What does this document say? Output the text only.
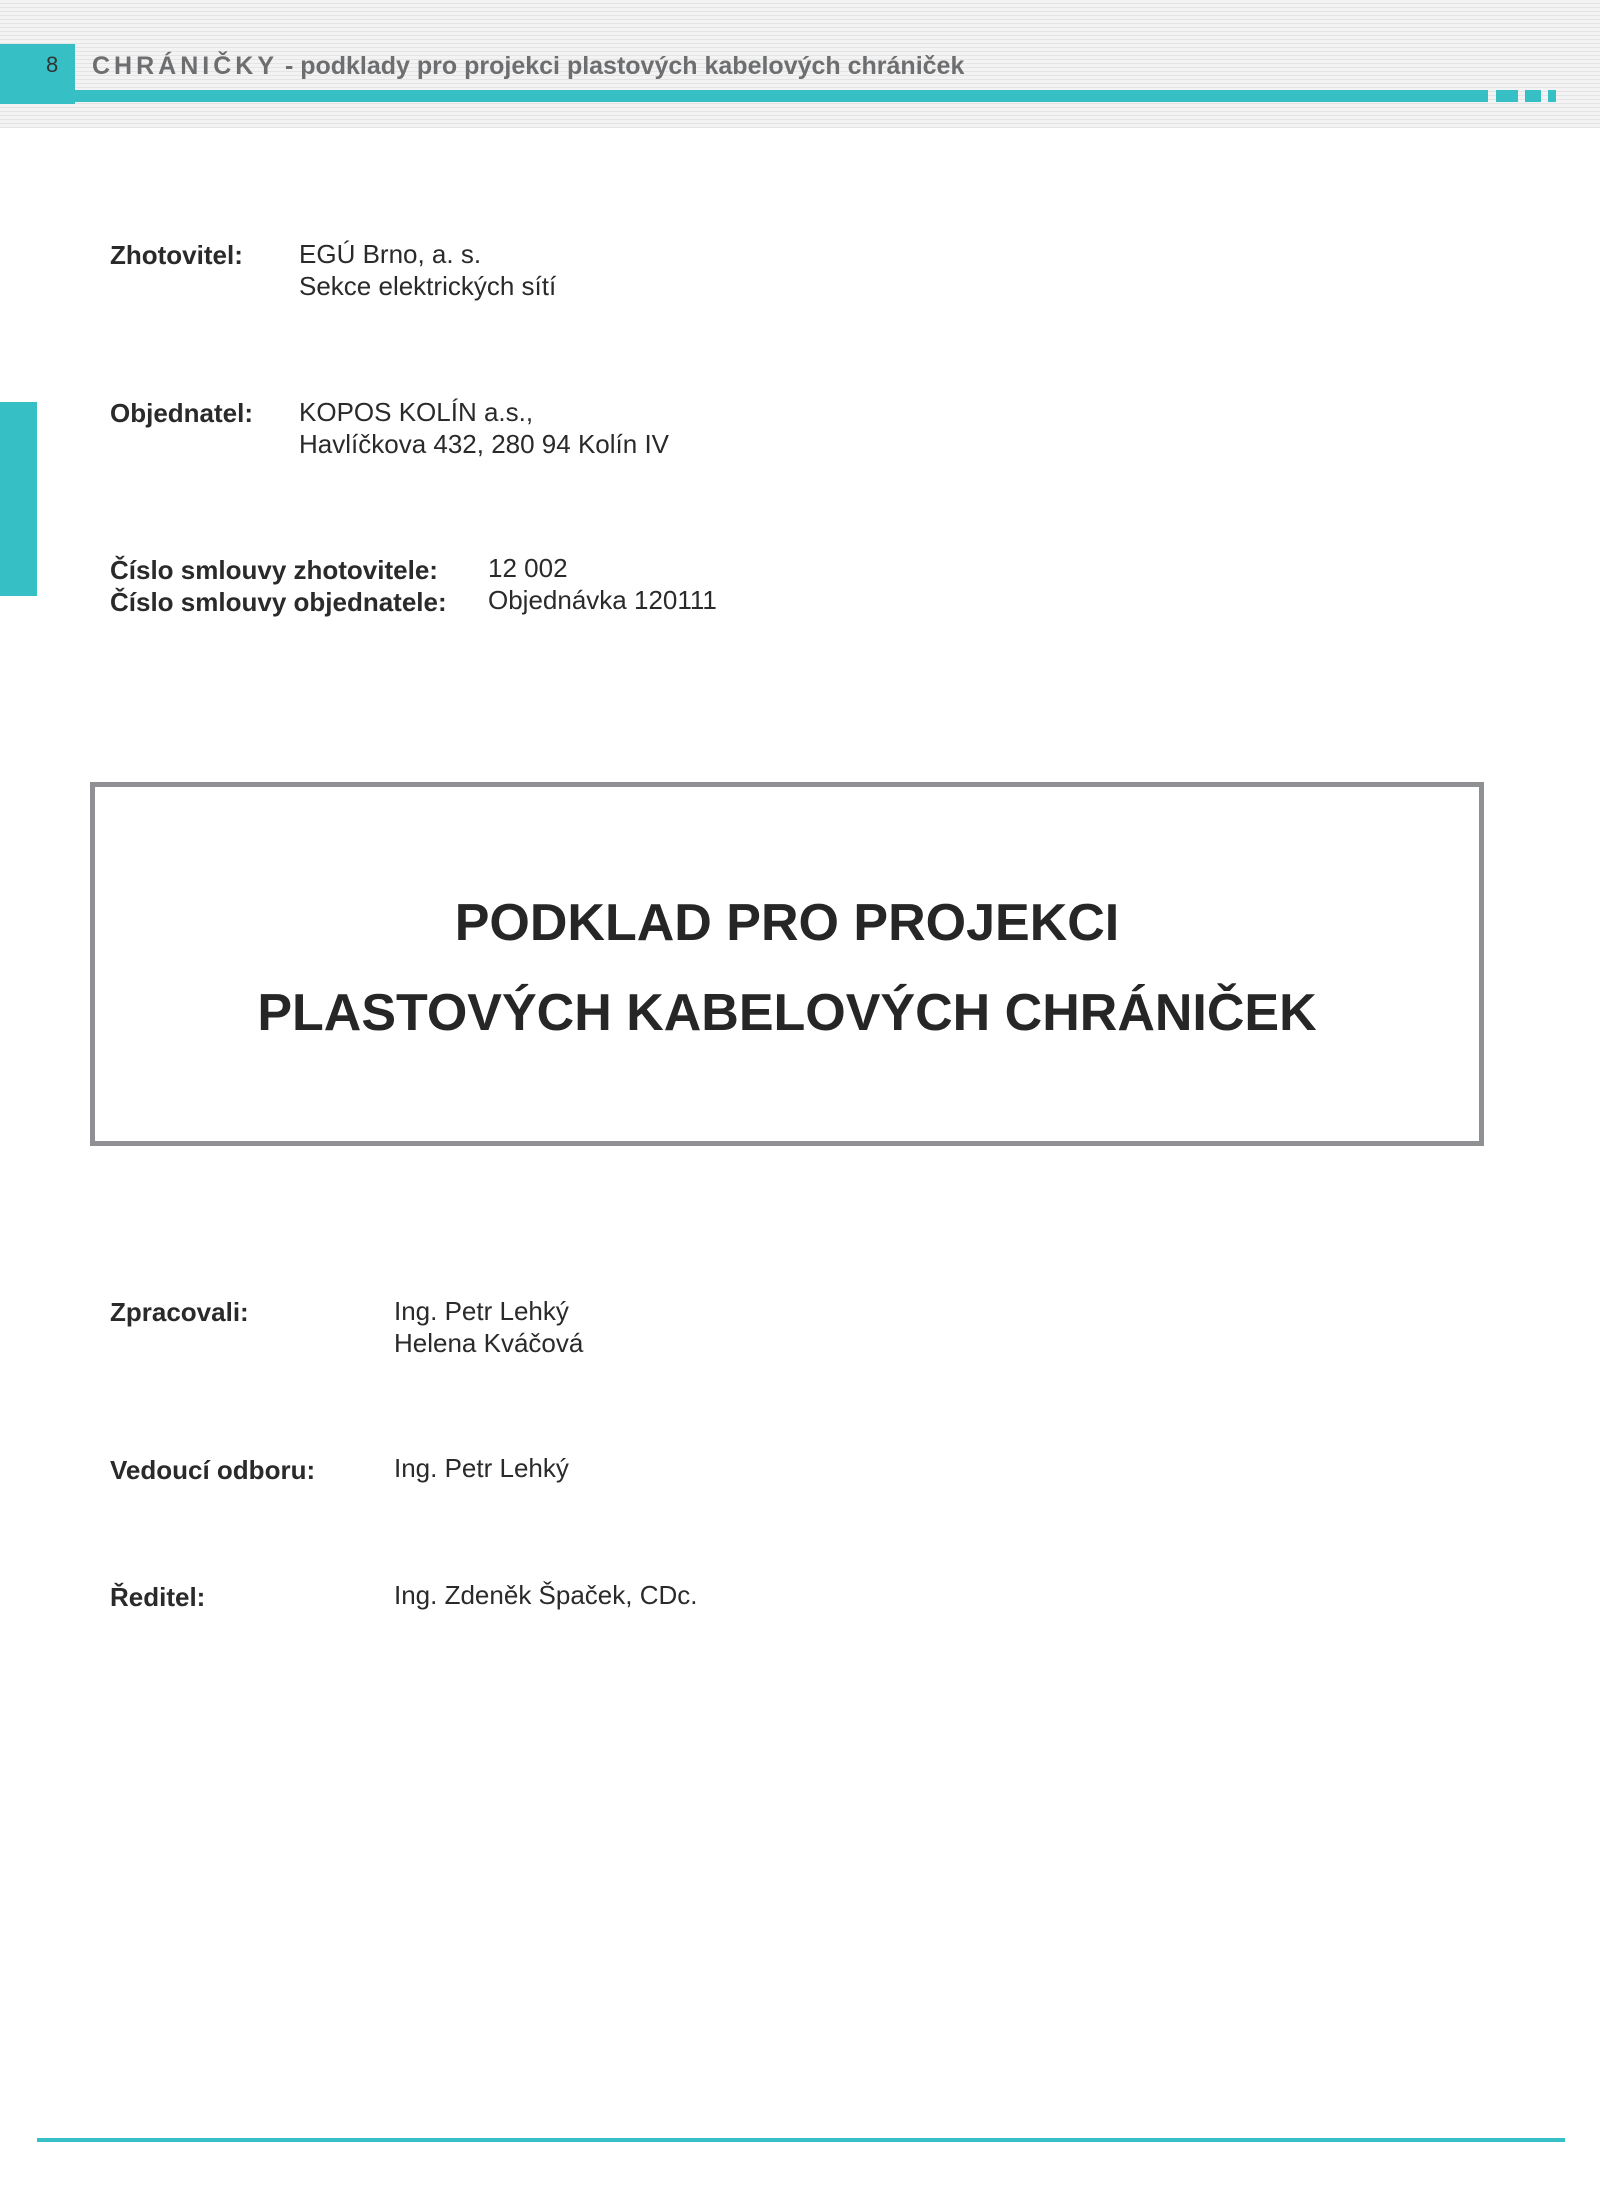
8 CHRÁNIČKY - podklady pro projekci plastových kabelových chrániček
Zhotovitel: EGÚ Brno, a. s.
Sekce elektrických sítí
Objednatel: KOPOS KOLÍN a.s.,
Havlíčkova 432, 280 94 Kolín IV
Číslo smlouvy zhotovitele: 12 002
Číslo smlouvy objednatele: Objednávka 120111
PODKLAD PRO PROJEKCI
PLASTOVÝCH KABELOVÝCH CHRÁNIČEK
Zpracovali:	Ing. Petr Lehký
Helena Kváčová
Vedoucí odboru:	Ing. Petr Lehký
Ředitel:	Ing. Zdeněk Špaček, CDc.
